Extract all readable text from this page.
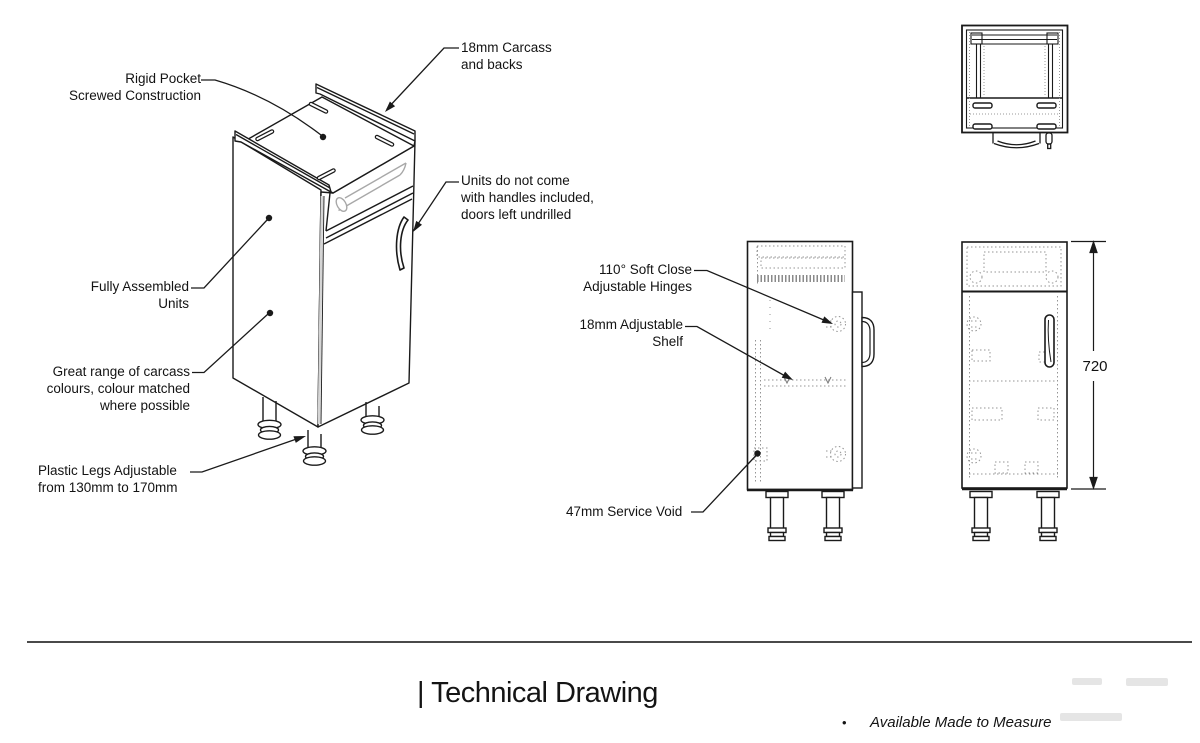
Rigid Pocket
Screwed Construction
18mm Carcass
and backs
Units do not come
with handles included,
doors left undrilled
Fully Assembled
Units
Great range of carcass
colours, colour matched
where possible
Plastic Legs Adjustable
from 130mm to 170mm
110° Soft Close
Adjustable Hinges
18mm Adjustable
Shelf
47mm Service Void
720
| Technical Drawing
• Available Made to Measure
